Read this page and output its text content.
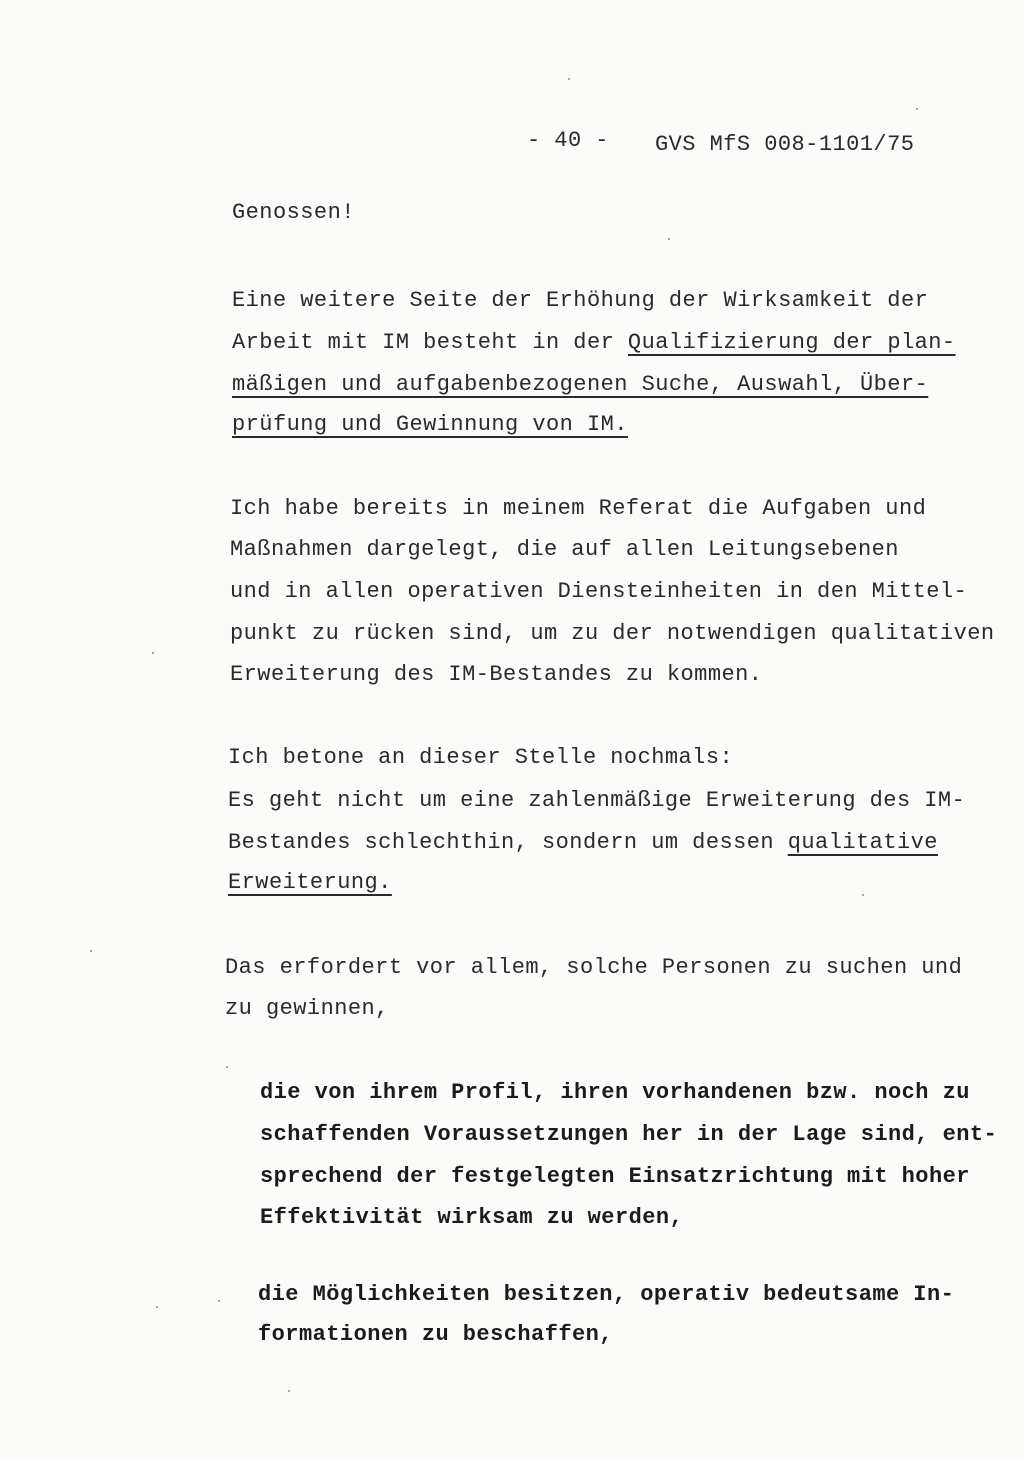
- 40 - GVS MfS 008-1101/75
Genossen!
Eine weitere Seite der Erhöhung der Wirksamkeit der
Arbeit mit IM besteht in der Qualifizierung der plan-
mäßigen und aufgabenbezogenen Suche, Auswahl, Über-
prüfung und Gewinnung von IM.
Ich habe bereits in meinem Referat die Aufgaben und
Maßnahmen dargelegt, die auf allen Leitungsebenen
und in allen operativen Diensteinheiten in den Mittel-
punkt zu rücken sind, um zu der notwendigen qualitativen
Erweiterung des IM-Bestandes zu kommen.
Ich betone an dieser Stelle nochmals:
Es geht nicht um eine zahlenmäßige Erweiterung des IM-
Bestandes schlechthin, sondern um dessen qualitative
Erweiterung.
Das erfordert vor allem, solche Personen zu suchen und
zu gewinnen,
die von ihrem Profil, ihren vorhandenen bzw. noch zu
schaffenden Voraussetzungen her in der Lage sind, ent-
sprechend der festgelegten Einsatzrichtung mit hoher
Effektivität wirksam zu werden,
die Möglichkeiten besitzen, operativ bedeutsame In-
formationen zu beschaffen,
